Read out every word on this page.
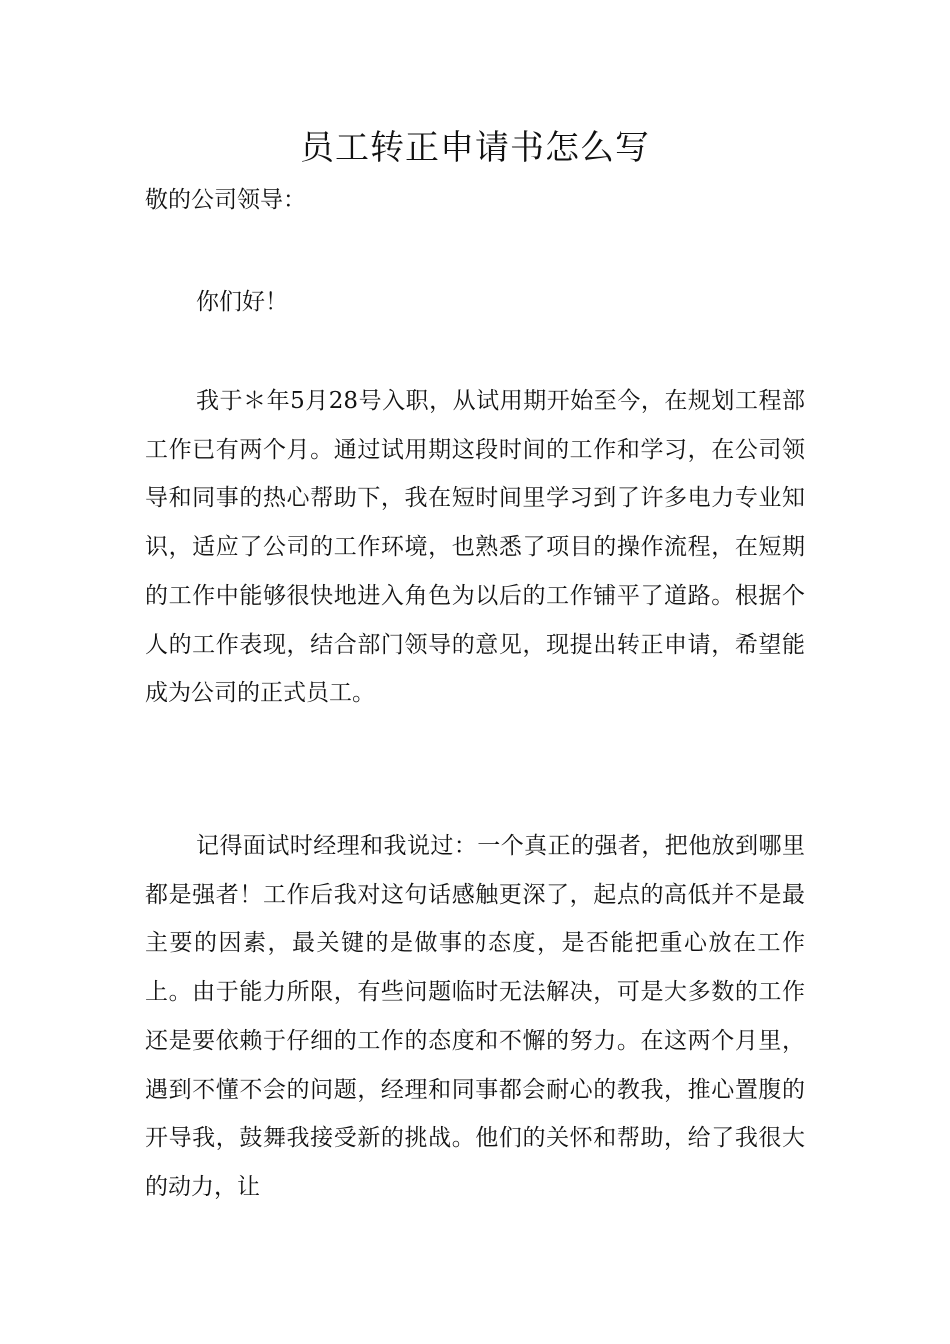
员工转正申请书怎么写

敬的公司领导：

你们好！

我于＊年5月28号入职，从试用期开始至今，在规划工程部工作已有两个月。通过试用期这段时间的工作和学习，在公司领导和同事的热心帮助下，我在短时间里学习到了许多电力专业知识，适应了公司的工作环境，也熟悉了项目的操作流程，在短期的工作中能够很快地进入角色为以后的工作铺平了道路。根据个人的工作表现，结合部门领导的意见，现提出转正申请，希望能成为公司的正式员工。

记得面试时经理和我说过：一个真正的强者，把他放到哪里都是强者！工作后我对这句话感触更深了，起点的高低并不是最主要的因素，最关键的是做事的态度，是否能把重心放在工作上。由于能力所限，有些问题临时无法解决，可是大多数的工作还是要依赖于仔细的工作的态度和不懈的努力。在这两个月里，遇到不懂不会的问题，经理和同事都会耐心的教我，推心置腹的开导我，鼓舞我接受新的挑战。他们的关怀和帮助，给了我很大的动力，让
